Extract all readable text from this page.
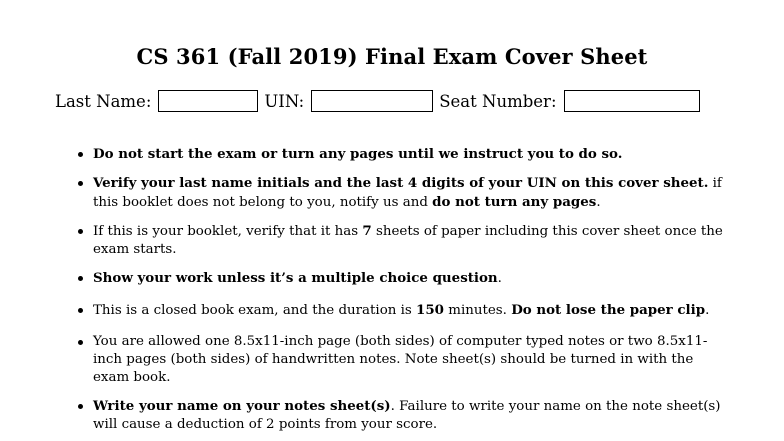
CS 361 (Fall 2019) Final Exam Cover Sheet
Last Name:	UIN:	Seat Number:
Do not start the exam or turn any pages until we instruct you to do so.
Verify your last name initials and the last 4 digits of your UIN on this cover sheet. if this booklet does not belong to you, notify us and do not turn any pages.
If this is your booklet, verify that it has 7 sheets of paper including this cover sheet once the exam starts.
Show your work unless it’s a multiple choice question.
This is a closed book exam, and the duration is 150 minutes. Do not lose the paper clip.
You are allowed one 8.5x11-inch page (both sides) of computer typed notes or two 8.5x11-inch pages (both sides) of handwritten notes. Note sheet(s) should be turned in with the exam book.
Write your name on your notes sheet(s). Failure to write your name on the note sheet(s) will cause a deduction of 2 points from your score.
